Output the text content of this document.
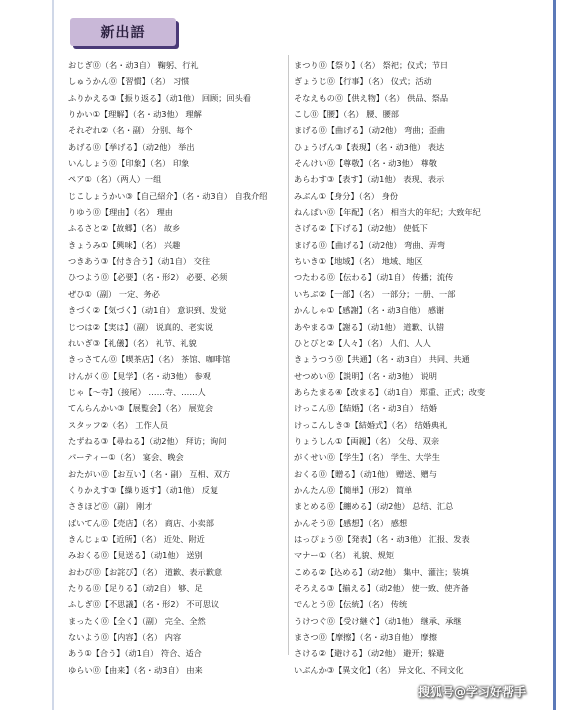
新出語
おじぎ⓪（名・动3自） 鞠躬、行礼
しゅうかん⓪【習慣】（名） 习惯
ふりかえる③【振り返る】（动1他） 回顾；回头看
りかい①【理解】（名・动3他） 理解
それぞれ②（名・副） 分别、每个
あげる⓪【挙げる】（动2他） 举出
いんしょう⓪【印象】（名） 印象
ペア①（名）（两人）一组
じこしょうかい③【自己紹介】（名・动3自） 自我介绍
りゆう⓪【理由】（名） 理由
ふるさと②【故郷】（名） 故乡
きょうみ①【興味】（名） 兴趣
つきあう③【付き合う】（动1自） 交往
ひつよう⓪【必要】（名・形2） 必要、必须
ぜひ①（副） 一定、务必
きづく②【気づく】（动1自） 意识到、发觉
じつは②【実は】（副） 说真的、老实说
れいぎ③【礼儀】（名） 礼节、礼貌
きっさてん⓪【喫茶店】（名） 茶馆、咖啡馆
けんがく⓪【見学】（名・动3他） 参观
じゃ【～寺】（接尾） ……寺、……人
てんらんかい③【展覧会】（名） 展览会
スタッフ②（名） 工作人员
たずねる③【尋ねる】（动2他） 拜访；询问
パーティー①（名） 宴会、晚会
おたがい⓪【お互い】（名・副） 互相、双方
くりかえす③【繰り返す】（动1他） 反复
さきほど⓪（副） 刚才
ばいてん⓪【売店】（名） 商店、小卖部
きんじょ①【近所】（名） 近处、附近
みおくる⓪【見送る】（动1他） 送别
おわび⓪【お詫び】（名） 道歉、表示歉意
たりる⓪【足りる】（动2自） 够、足
ふしぎ⓪【不思議】（名・形2） 不可思议
まったく⓪【全く】（副） 完全、全然
ないよう⓪【内容】（名） 内容
あう①【合う】（动1自） 符合、适合
ゆらい⓪【由来】（名・动3自） 由来
まつり⓪【祭り】（名） 祭祀；仪式；节日
ぎょうじ⓪【行事】（名） 仪式；活动
そなえもの⓪【供え物】（名） 供品、祭品
こし⓪【腰】（名） 腰、腰部
まげる⓪【曲げる】（动2他） 弯曲；歪曲
ひょうげん③【表現】（名・动3他） 表达
そんけい⓪【尊敬】（名・动3他） 尊敬
あらわす③【表す】（动1他） 表现、表示
みぶん①【身分】（名） 身份
ねんぱい⓪【年配】（名） 相当大的年纪；大致年纪
さげる②【下げる】（动2他） 使低下
まげる⓪【曲げる】（动2他） 弯曲、弄弯
ちいき①【地域】（名） 地域、地区
つたわる⓪【伝わる】（动1自） 传播；流传
いちぶ②【一部】（名） 一部分；一册、一部
かんしゃ①【感謝】（名・动3自他） 感谢
あやまる③【謝る】（动1他） 道歉、认错
ひとびと②【人々】（名） 人们、人人
きょうつう⓪【共通】（名・动3自） 共同、共通
せつめい⓪【説明】（名・动3他） 说明
あらたまる④【改まる】（动1自） 郑重、正式；改变
けっこん⓪【結婚】（名・动3自） 结婚
けっこんしき③【結婚式】（名） 结婚典礼
りょうしん①【両親】（名） 父母、双亲
がくせい⓪【学生】（名） 学生、大学生
おくる⓪【贈る】（动1他） 赠送、赠与
かんたん⓪【簡単】（形2） 简单
まとめる⓪【纏める】（动2他） 总结、汇总
かんそう⓪【感想】（名） 感想
はっぴょう⓪【発表】（名・动3他） 汇报、发表
マナー①（名） 礼貌、规矩
こめる②【込める】（动2他） 集中、灌注；装填
そろえる③【揃える】（动2他） 使一致、使齐备
でんとう⓪【伝統】（名） 传统
うけつぐ⓪【受け継ぐ】（动1他） 继承、承继
まさつ⓪【摩擦】（名・动3自他） 摩擦
さける②【避ける】（动2他） 避开；躲避
いぶんか③【異文化】（名） 异文化、不同文化
搜狐号@学习好帮手
